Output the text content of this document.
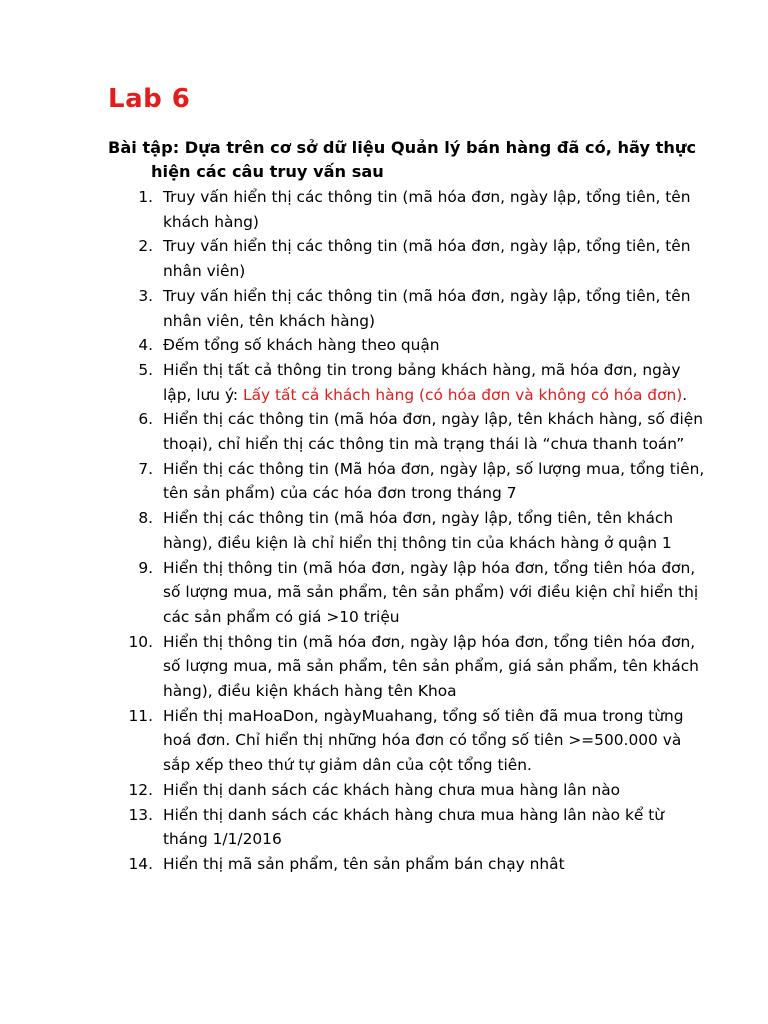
Lab 6
Bài tập: Dựa trên cơ sở dữ liệu Quản lý bán hàng đã có, hãy thực
hiện các câu truy vấn sau
1. Truy vấn hiển thị các thông tin (mã hóa đơn, ngày lập, tổng tiên, tên khách hàng)
2. Truy vấn hiển thị các thông tin (mã hóa đơn, ngày lập, tổng tiên, tên nhân viên)
3. Truy vấn hiển thị các thông tin (mã hóa đơn, ngày lập, tổng tiên, tên nhân viên, tên khách hàng)
4. Đếm tổng số khách hàng theo quận
5. Hiển thị tất cả thông tin trong bảng khách hàng, mã hóa đơn, ngày lập, lưu ý: Lấy tất cả khách hàng (có hóa đơn và không có hóa đơn).
6. Hiển thị các thông tin (mã hóa đơn, ngày lập, tên khách hàng, số điện thoại), chỉ hiển thị các thông tin mà trạng thái là “chưa thanh toán”
7. Hiển thị các thông tin (Mã hóa đơn, ngày lập, số lượng mua, tổng tiên, tên sản phẩm) của các hóa đơn trong tháng 7
8. Hiển thị các thông tin (mã hóa đơn, ngày lập, tổng tiên, tên khách hàng), điều kiện là chỉ hiển thị thông tin của khách hàng ở quận 1
9. Hiển thị thông tin (mã hóa đơn, ngày lập hóa đơn, tổng tiên hóa đơn, số lượng mua, mã sản phẩm, tên sản phẩm) với điều kiện chỉ hiển thị các sản phẩm có giá >10 triệu
10. Hiển thị thông tin (mã hóa đơn, ngày lập hóa đơn, tổng tiên hóa đơn, số lượng mua, mã sản phẩm, tên sản phẩm, giá sản phẩm, tên khách hàng), điều kiện khách hàng tên Khoa
11. Hiển thị maHoaDon, ngàyMuahang, tổng số tiên đã mua trong từng hoá đơn. Chỉ hiển thị những hóa đơn có tổng số tiên >=500.000 và sắp xếp theo thứ tự giảm dân của cột tổng tiên.
12. Hiển thị danh sách các khách hàng chưa mua hàng lân nào
13. Hiển thị danh sách các khách hàng chưa mua hàng lân nào kể từ tháng 1/1/2016
14. Hiển thị mã sản phẩm, tên sản phẩm bán chạy nhât
